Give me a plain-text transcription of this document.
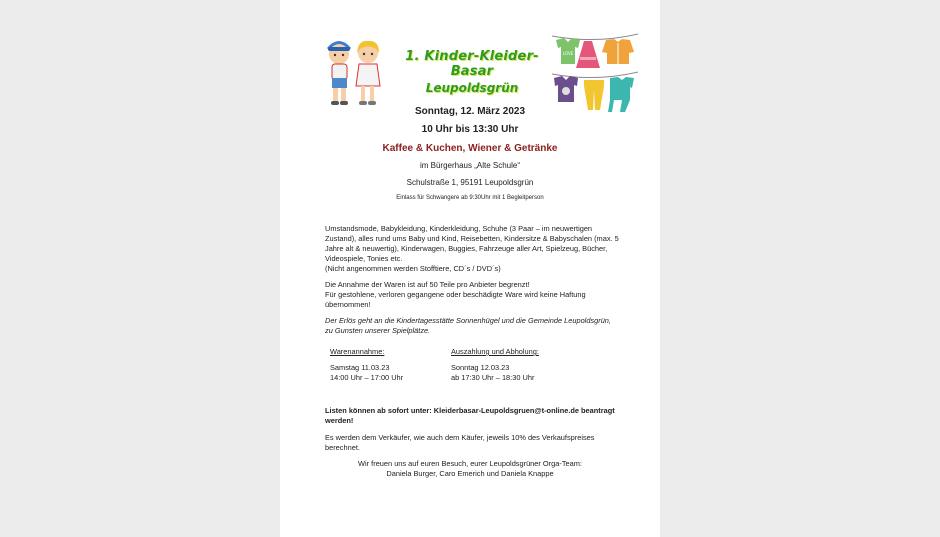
1. Kinder-Kleider-Basar
Leupoldsgrün
LOVE
Sonntag, 12. März 2023
10 Uhr bis 13:30 Uhr
Kaffee & Kuchen, Wiener & Getränke
im Bürgerhaus „Alte Schule“
Schulstraße 1, 95191 Leupoldsgrün
Einlass für Schwangere ab 9:30Uhr mit 1 Begleitperson
Umstandsmode, Babykleidung, Kinderkleidung, Schuhe (3 Paar – im neuwertigen Zustand), alles rund ums Baby und Kind, Reisebetten, Kindersitze & Babyschalen (max. 5 Jahre alt & neuwertig), Kinderwagen, Buggies, Fahrzeuge aller Art, Spielzeug, Bücher, Videospiele, Tonies etc.
(Nicht angenommen werden Stofftiere, CD´s / DVD´s)
Die Annahme der Waren ist auf 50 Teile pro Anbieter begrenzt!
Für gestohlene, verloren gegangene oder beschädigte Ware wird keine Haftung übernommen!
Der Erlös geht an die Kindertagesstätte Sonnenhügel und die Gemeinde Leupoldsgrün, zu Gunsten unserer Spielplätze.
Warenannahme:
Samstag 11.03.23
14:00 Uhr – 17:00 Uhr
Auszahlung und Abholung:
Sonntag 12.03.23
ab 17:30 Uhr – 18:30 Uhr
Listen können ab sofort unter: Kleiderbasar-Leupoldsgruen@t-online.de beantragt werden!
Es werden dem Verkäufer, wie auch dem Käufer, jeweils 10% des Verkaufspreises berechnet.
Wir freuen uns auf euren Besuch, eurer Leupoldsgrüner Orga-Team:
Daniela Burger, Caro Emerich und Daniela Knappe
